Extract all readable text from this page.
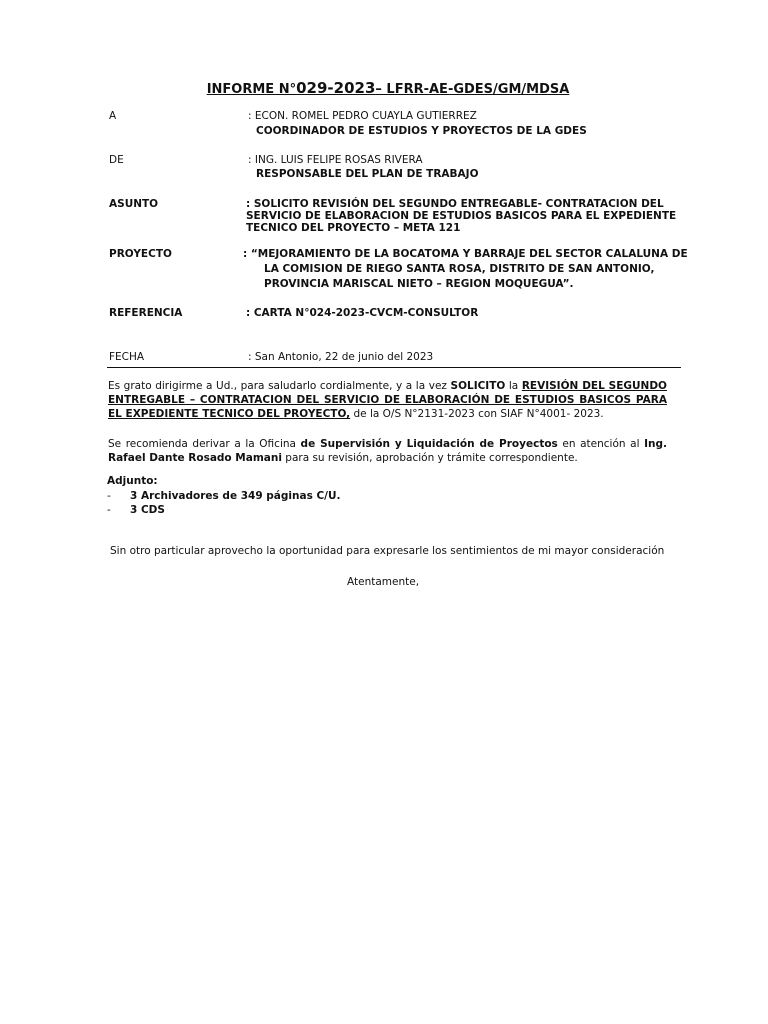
INFORME N°029-2023– LFRR-AE-GDES/GM/MDSA
A	: ECON. ROMEL PEDRO CUAYLA GUTIERREZ
COORDINADOR DE ESTUDIOS Y PROYECTOS DE LA GDES
DE	: ING. LUIS FELIPE ROSAS RIVERA
RESPONSABLE DEL PLAN DE TRABAJO
ASUNTO	: SOLICITO REVISIÓN DEL SEGUNDO ENTREGABLE- CONTRATACION DEL
SERVICIO DE ELABORACION DE ESTUDIOS BASICOS PARA EL EXPEDIENTE
TECNICO DEL PROYECTO – META 121
PROYECTO	: “MEJORAMIENTO DE LA BOCATOMA Y BARRAJE DEL SECTOR CALALUNA DE
LA COMISION DE RIEGO SANTA ROSA, DISTRITO DE SAN ANTONIO,
PROVINCIA MARISCAL NIETO – REGION MOQUEGUA”.
REFERENCIA	: CARTA N°024-2023-CVCM-CONSULTOR
FECHA	: San Antonio, 22 de junio del 2023
Es grato dirigirme a Ud., para saludarlo cordialmente, y a la vez SOLICITO la REVISIÓN DEL SEGUNDO ENTREGABLE – CONTRATACION DEL SERVICIO DE ELABORACIÓN DE ESTUDIOS BASICOS PARA EL EXPEDIENTE TECNICO DEL PROYECTO, de la O/S N°2131-2023 con SIAF N°4001- 2023.
Se recomienda derivar a la Oficina de Supervisión y Liquidación de Proyectos en atención al Ing. Rafael Dante Rosado Mamani para su revisión, aprobación y trámite correspondiente.
Adjunto:
- 3 Archivadores de 349 páginas C/U.
- 3 CDS
Sin otro particular aprovecho la oportunidad para expresarle los sentimientos de mi mayor consideración
Atentamente,
